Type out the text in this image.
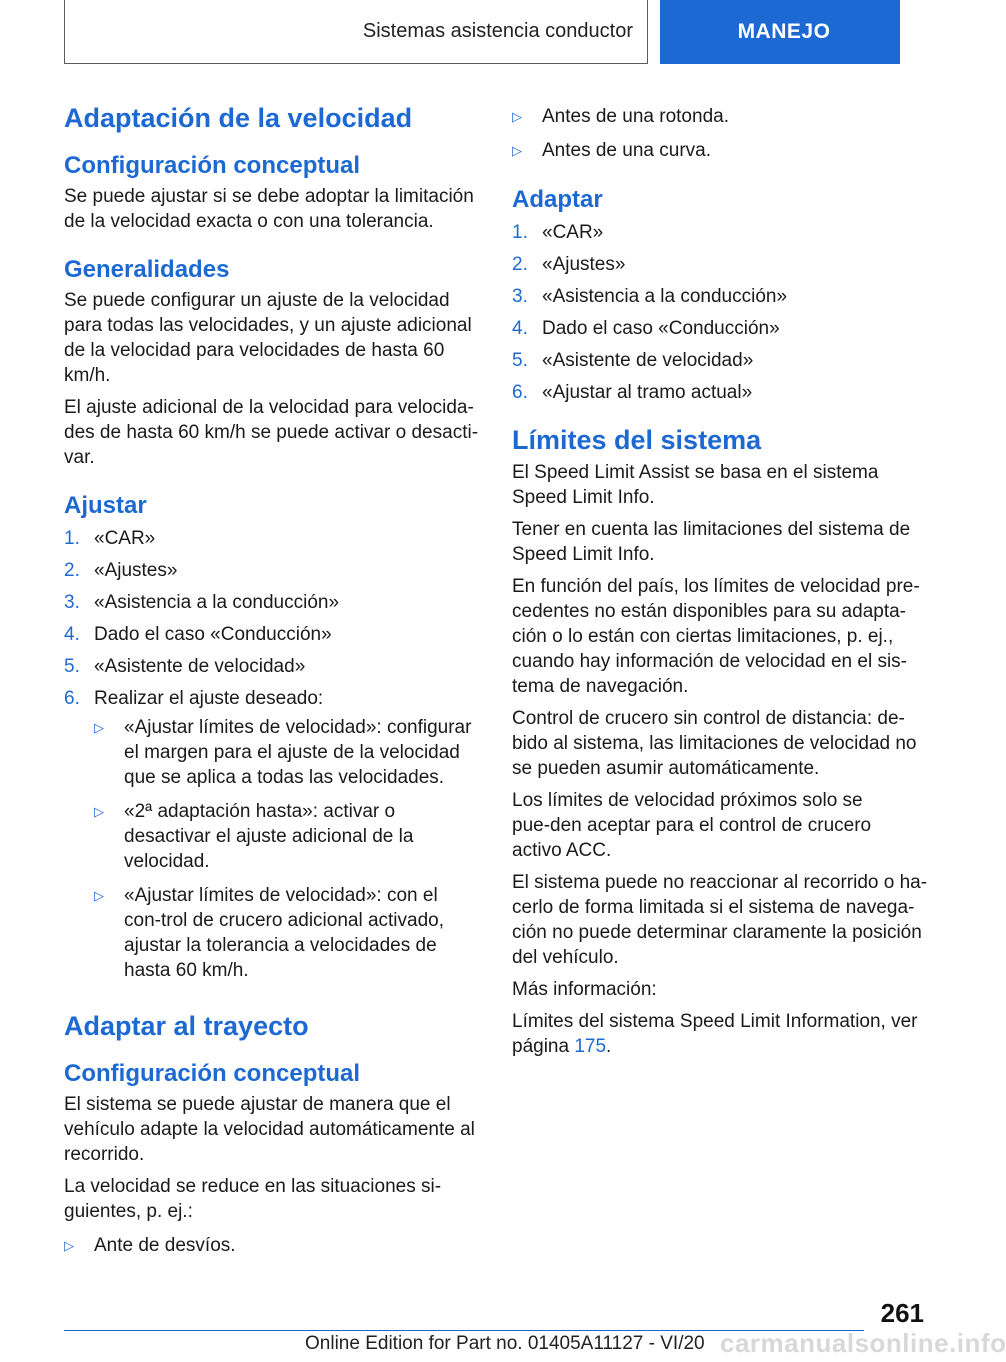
Sistemas asistencia conductor	MANEJO
Adaptación de la velocidad
Configuración conceptual

Se puede ajustar si se debe adoptar la limitación de la velocidad exacta o con una tolerancia.

Generalidades

Se puede configurar un ajuste de la velocidad para todas las velocidades, y un ajuste adicional de la velocidad para velocidades de hasta 60 km/h.

El ajuste adicional de la velocidad para velocida-des de hasta 60 km/h se puede activar o desacti-var.

Ajustar
1. «CAR»
2. «Ajustes»
3. «Asistencia a la conducción»
4. Dado el caso «Conducción»
5. «Asistente de velocidad»
6. Realizar el ajuste deseado:
▷	«Ajustar límites de velocidad»: configurar el margen para el ajuste de la velocidad que se aplica a todas las velocidades.
▷	«2ª adaptación hasta»: activar o desactivar el ajuste adicional de la velocidad.
▷	«Ajustar límites de velocidad»: con el con-trol de crucero adicional activado, ajustar la tolerancia a velocidades de hasta 60 km/h.
Adaptar al trayecto
Configuración conceptual

El sistema se puede ajustar de manera que el vehículo adapte la velocidad automáticamente al recorrido.

La velocidad se reduce en las situaciones si-guientes, p. ej.:

▷	Ante de desvíos.
▷	Antes de una rotonda.
▷	Antes de una curva.
Adaptar
1. «CAR»
2. «Ajustes»
3. «Asistencia a la conducción»
4. Dado el caso «Conducción»
5. «Asistente de velocidad»
6. «Ajustar al tramo actual»
Límites del sistema

El Speed Limit Assist se basa en el sistema Speed Limit Info.

Tener en cuenta las limitaciones del sistema de Speed Limit Info.

En función del país, los límites de velocidad pre-cedentes no están disponibles para su adapta-ción o lo están con ciertas limitaciones, p. ej., cuando hay información de velocidad en el sis-tema de navegación.

Control de crucero sin control de distancia: de-bido al sistema, las limitaciones de velocidad no se pueden asumir automáticamente.

Los límites de velocidad próximos solo se pue-den aceptar para el control de crucero activo ACC.

El sistema puede no reaccionar al recorrido o ha-cerlo de forma limitada si el sistema de navega-ción no puede determinar claramente la posición del vehículo.

Más información:

Límites del sistema Speed Limit Information, ver página 175.

261
carmanualsonline.info
Online Edition for Part no. 01405A11127 - VI/20
